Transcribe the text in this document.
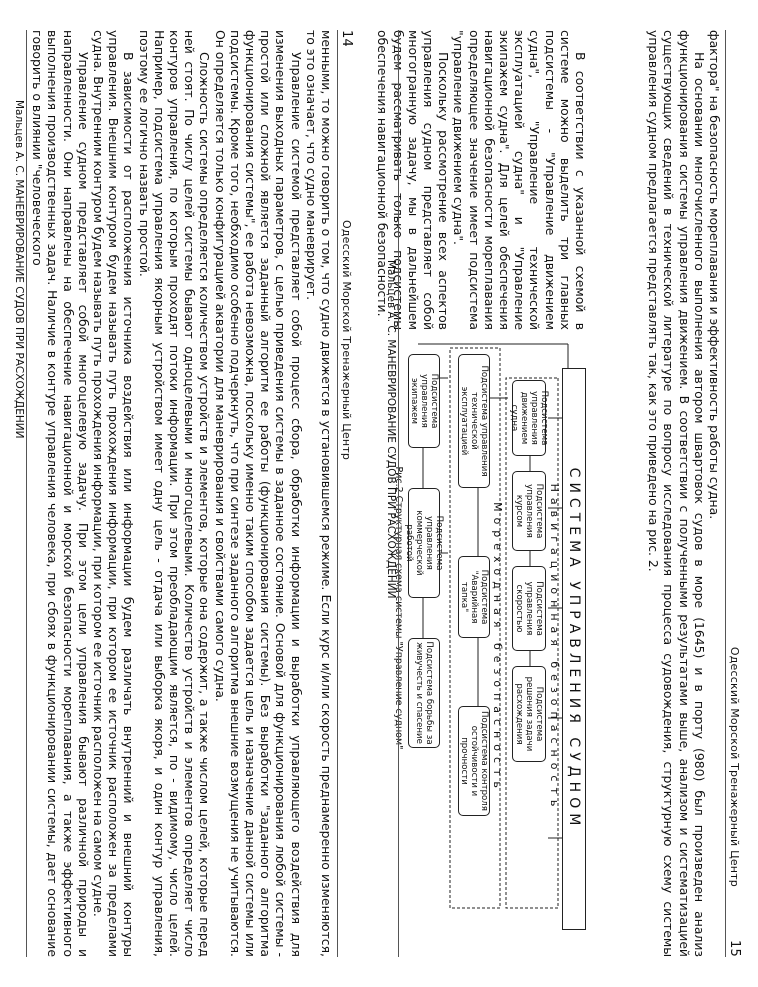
14
Одесский Морской Тренажерный Центр

менными, то можно говорить о том, что судно движется в установившемся режиме. Если курс и/или скорость преднамеренно изменяются, то это означает, что судно маневрирует.

Управление системой представляет собой процесс сбора, обработки информации и выработки управляющего воздействия для изменения выходных параметров, с целью приведения системы в заданное состояние. Основой для функционирования любой системы - простой или сложной является заданный алгоритм ее работы (функционирования системы). Без выработки "заданного алгоритма функционирования системы", ее работа невозможна, поскольку именно таким способом задается цель и назначение данной системы или подсистемы. Кроме того, необходимо особенно подчеркнуть, что при синтезе заданного алгоритма внешние возмущения не учитываются. Он определяется только конфигурацией акватории для маневрирования и свойствами самого судна.

Сложность системы определяется количеством устройств и элементов, которые она содержит, а также числом целей, которые перед ней стоят. По числу целей системы бывают одноцелевыми и многоцелевыми. Количество устройств и элементов определяет число контуров управления, по которым проходят потоки информации. При этом преобладающим является, по - видимому, число целей. Например, подсистема управления якорным устройством имеет одну цель - отдача или выборка якоря, и один контур управления, поэтому ее логично назвать простой.

В зависимости от расположения источника воздействия или информации будем различать внутренний и внешний контуры управления. Внешним контуром будем называть путь прохождения информации, при котором ее источник расположен за пределами судна. Внутренним контуром будем называть путь прохождения информации, при котором ее источник расположен на самом судне.

Управление судном представляет собой многоцелевую задачу. При этом цели управления бывают различной природы и направленности. Они направлены на обеспечение навигационной и морской безопасности мореплавания, а также эффективного выполнения производственных задач. Наличие в контуре управления человека, при сбоях в функционировании системы, дает основание говорить о влиянии "человеческого

Мальцев А. С. МАНЕВРИРОВАНИЕ СУДОВ ПРИ РАСХОЖДЕНИИ
Одесский Морской Тренажерный Центр
15

фактора" на безопасность мореплавания и эффективность работы судна.

На основании многочисленного выполнения автором швартовок судов в море (1645) и в порту (980) был произведен анализ функционирования системы управления движением. В соответствии с полученными результатами выше, анализом и систематизацией существующих сведений в технической литературе по вопросу исследования процесса судовождения, структурную схему системы управления судном предлагается представлять так, как это приведено на рис. 2.

В соответствии с указанной схемой в системе можно выделить три главных подсистемы - "Управление движением судна", "Управление технической эксплуатацией судна" и "Управление экипажем судна". Для целей обеспечения навигационной безопасности мореплавания определяющее значение имеет подсистема "управление движением судна".

Поскольку рассмотрение всех аспектов управления судном представляет собой многогранную задачу, мы в дальнейшем будем рассматривать только подсистемы обеспечения навигационной безопасности.

СИСТЕМА УПРАВЛЕНИЯ СУДНОМ
Навигационная безопасность
Подсистема управления движением судна
Подсистема управления курсом
Подсистема управления скоростью
Подсистема решения задачи расхождения
Мореходная безопасность
Подсистема управления технической эксплуатацией
Подсистема "Аварийная тапка"
Подсистема контроля остойчивости и прочности
Подсистема управления экипажем
Подсистема управления коммерческой работой
Подсистема борьбы за живучесть и спасение
Рис.2 Структурная схема системы "Управление судном"
Мальцев А. С. МАНЕВРИРОВАНИЕ СУДОВ ПРИ РАСХОЖДЕНИИ
